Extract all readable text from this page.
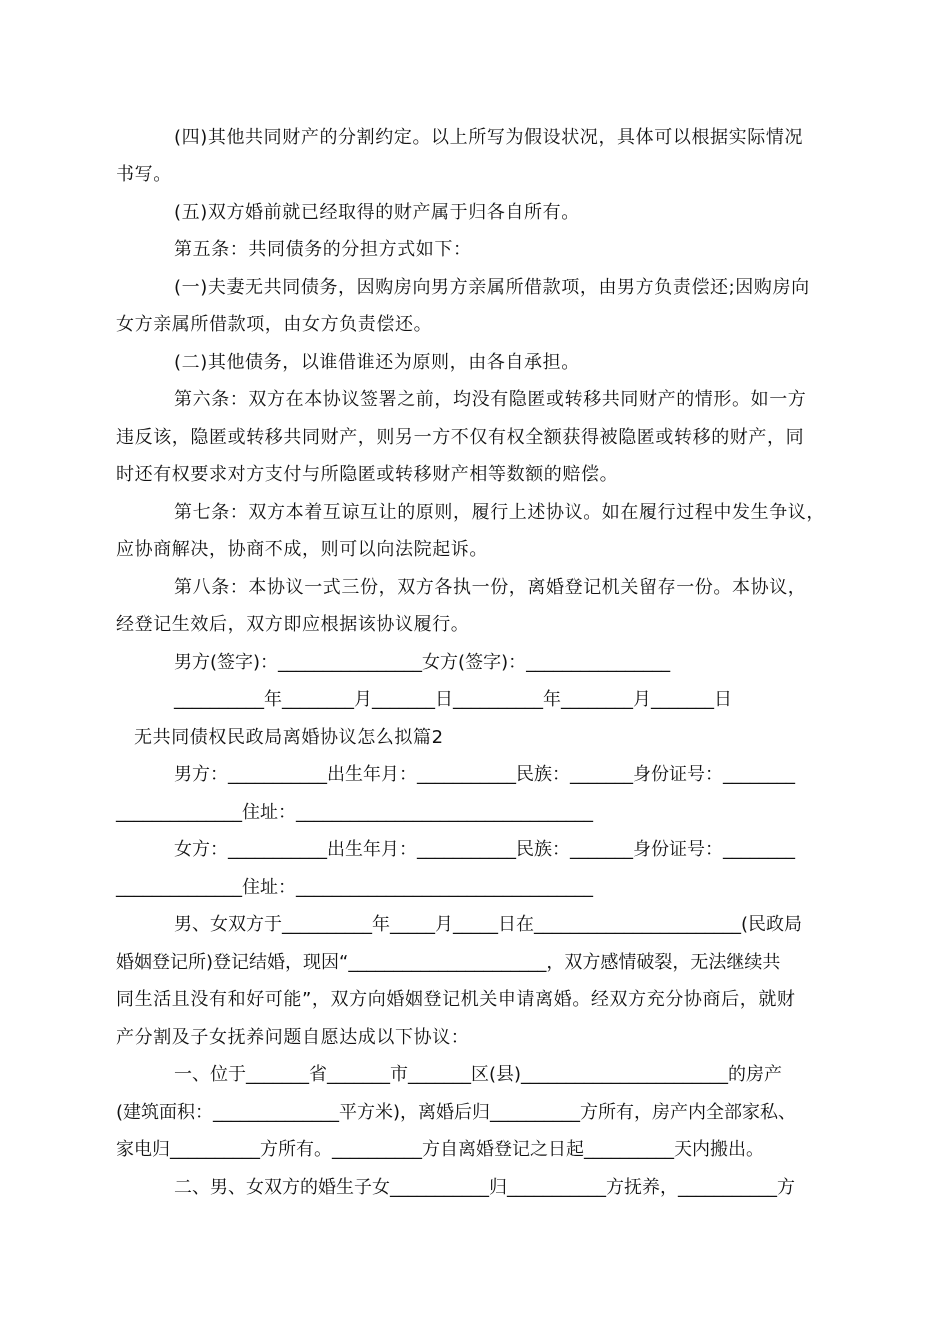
(四)其他共同财产的分割约定。以上所写为假设状况，具体可以根据实际情况
书写。
(五)双方婚前就已经取得的财产属于归各自所有。
第五条：共同债务的分担方式如下：
(一)夫妻无共同债务，因购房向男方亲属所借款项，由男方负责偿还;因购房向
女方亲属所借款项，由女方负责偿还。
(二)其他债务，以谁借谁还为原则，由各自承担。
第六条：双方在本协议签署之前，均没有隐匿或转移共同财产的情形。如一方
违反该，隐匿或转移共同财产，则另一方不仅有权全额获得被隐匿或转移的财产，同
时还有权要求对方支付与所隐匿或转移财产相等数额的赔偿。
第七条：双方本着互谅互让的原则，履行上述协议。如在履行过程中发生争议，
应协商解决，协商不成，则可以向法院起诉。
第八条：本协议一式三份，双方各执一份，离婚登记机关留存一份。本协议，
经登记生效后，双方即应根据该协议履行。
男方(签字)：________________女方(签字)：________________
__________年________月_______日__________年________月_______日
无共同债权民政局离婚协议怎么拟篇2
男方：___________出生年月：___________民族：_______身份证号：________
______________住址：_________________________________
女方：___________出生年月：___________民族：_______身份证号：________
______________住址：_________________________________
男、女双方于__________年_____月_____日在_______________________(民政局
婚姻登记所)登记结婚，现因“______________________，双方感情破裂，无法继续共
同生活且没有和好可能”，双方向婚姻登记机关申请离婚。经双方充分协商后，就财
产分割及子女抚养问题自愿达成以下协议：
一、位于_______省_______市_______区(县)_______________________的房产
(建筑面积：______________平方米)，离婚后归__________方所有，房产内全部家私、
家电归__________方所有。__________方自离婚登记之日起__________天内搬出。
二、男、女双方的婚生子女___________归___________方抚养，___________方
